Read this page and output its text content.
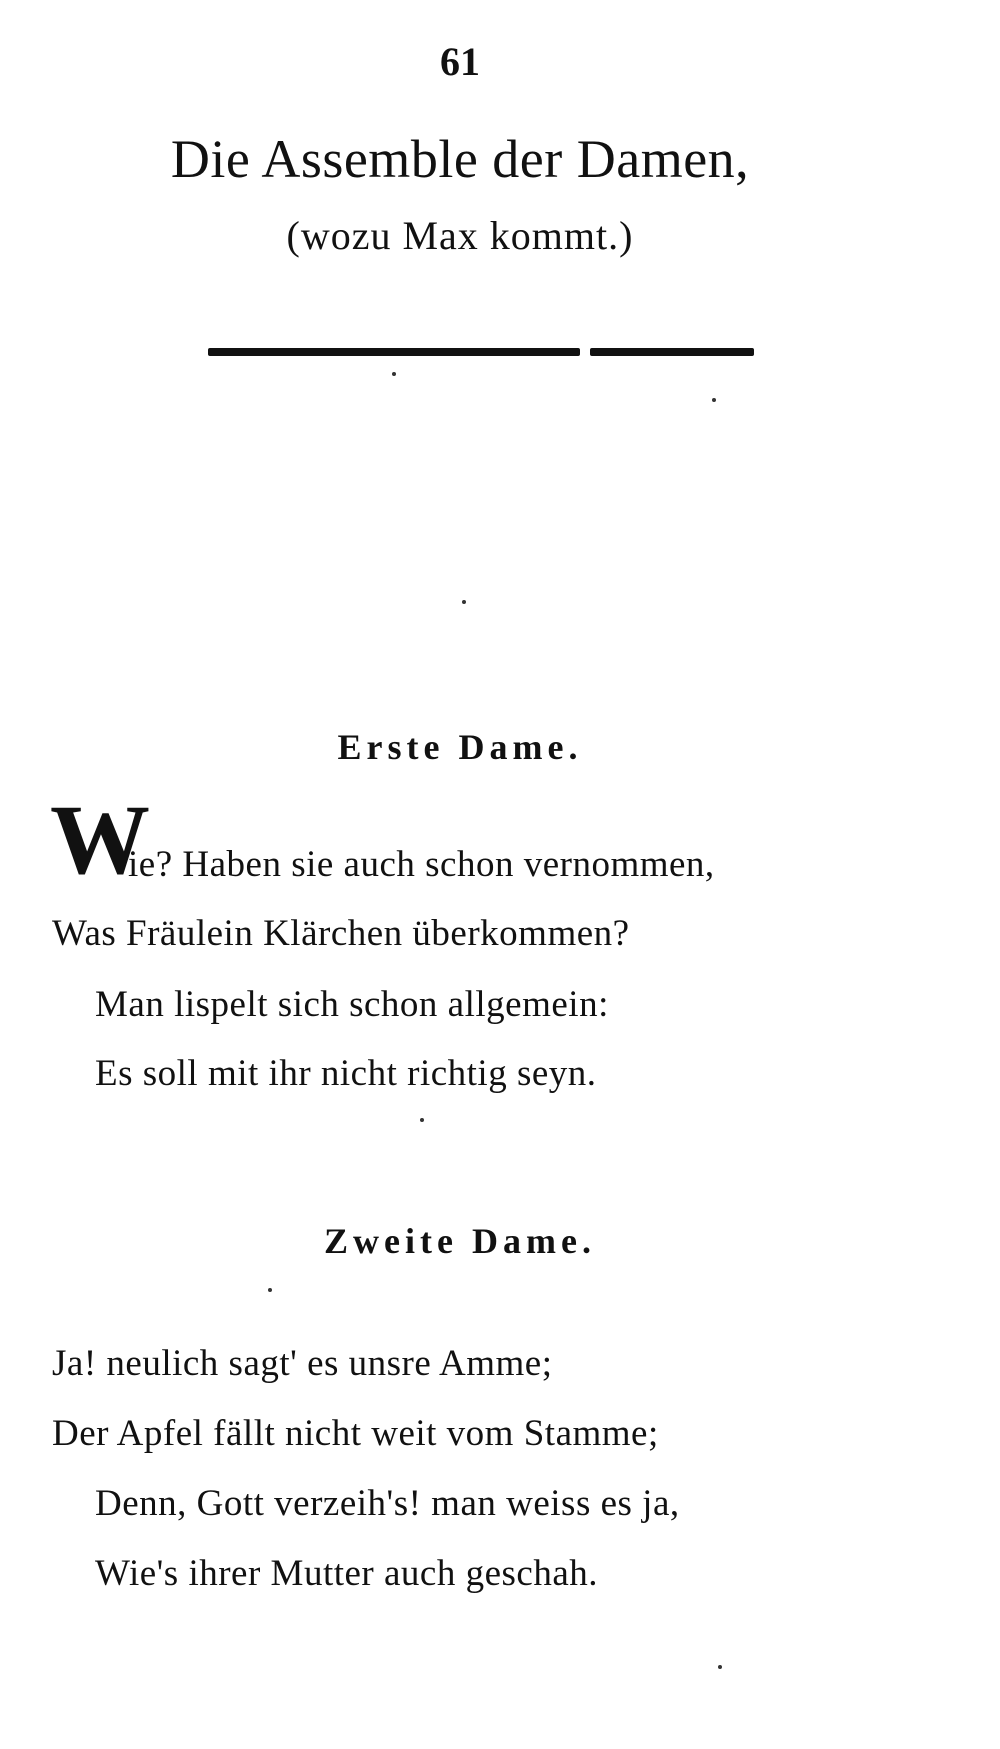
61
Die Assemble der Damen,
(wozu Max kommt.)
Erste Dame.
W
ie? Haben sie auch schon vernommen,
Was Fräulein Klärchen überkommen?
Man lispelt sich schon allgemein:
Es soll mit ihr nicht richtig seyn.
Zweite Dame.
Ja! neulich sagt' es unsre Amme;
Der Apfel fällt nicht weit vom Stamme;
Denn, Gott verzeih's! man weiss es ja,
Wie's ihrer Mutter auch geschah.
